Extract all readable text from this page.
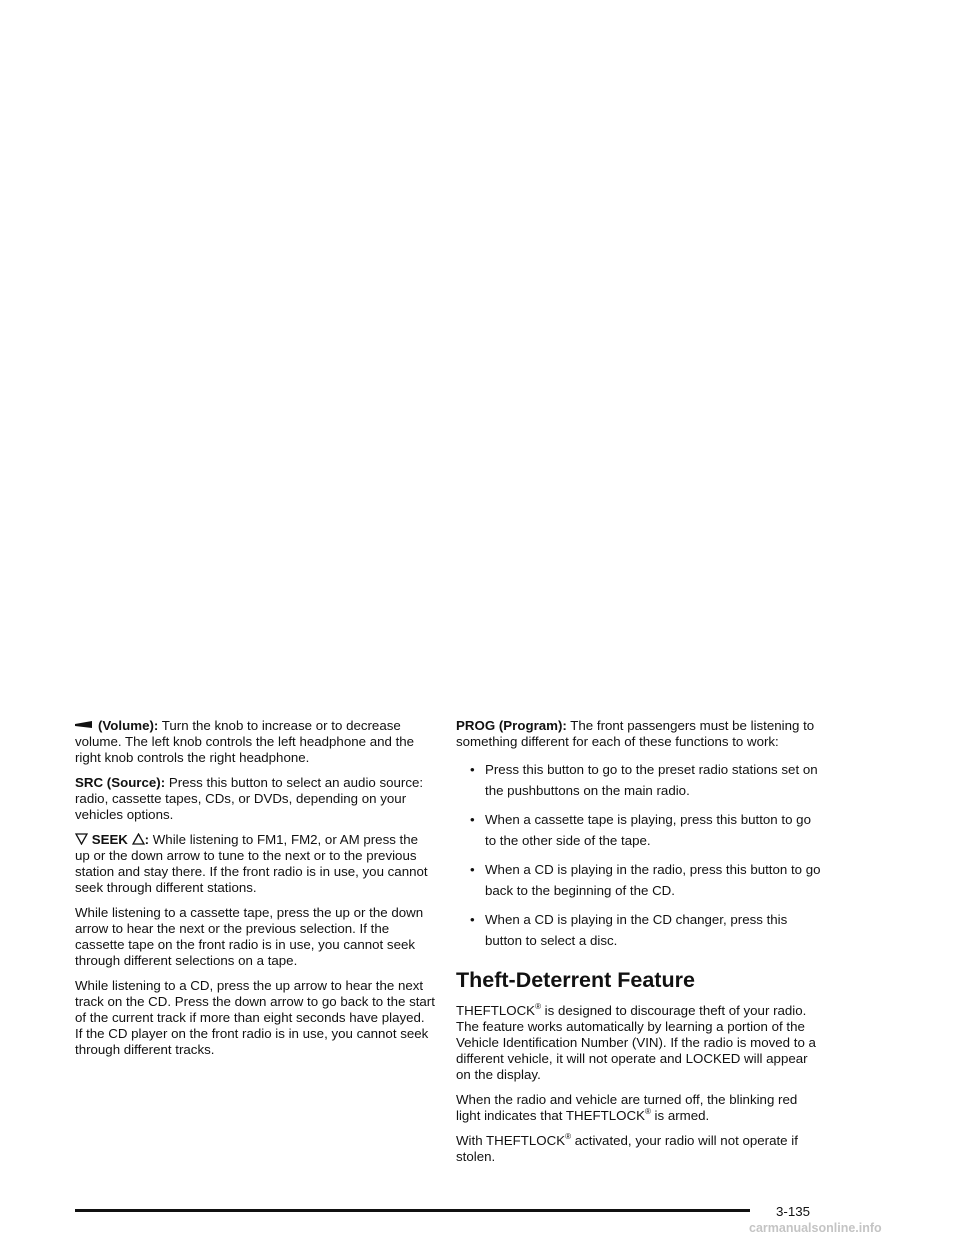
(Volume): Turn the knob to increase or to decrease volume. The left knob controls the left headphone and the right knob controls the right headphone.

SRC (Source): Press this button to select an audio source: radio, cassette tapes, CDs, or DVDs, depending on your vehicles options.

SEEK : While listening to FM1, FM2, or AM press the up or the down arrow to tune to the next or to the previous station and stay there. If the front radio is in use, you cannot seek through different stations.

While listening to a cassette tape, press the up or the down arrow to hear the next or the previous selection. If the cassette tape on the front radio is in use, you cannot seek through different selections on a tape.

While listening to a CD, press the up arrow to hear the next track on the CD. Press the down arrow to go back to the start of the current track if more than eight seconds have played. If the CD player on the front radio is in use, you cannot seek through different tracks.

PROG (Program): The front passengers must be listening to something different for each of these functions to work:

• Press this button to go to the preset radio stations set on the pushbuttons on the main radio.
• When a cassette tape is playing, press this button to go to the other side of the tape.
• When a CD is playing in the radio, press this button to go back to the beginning of the CD.
• When a CD is playing in the CD changer, press this button to select a disc.
Theft-Deterrent Feature

THEFTLOCK® is designed to discourage theft of your radio. The feature works automatically by learning a portion of the Vehicle Identification Number (VIN). If the radio is moved to a different vehicle, it will not operate and LOCKED will appear on the display.

When the radio and vehicle are turned off, the blinking red light indicates that THEFTLOCK® is armed.

With THEFTLOCK® activated, your radio will not operate if stolen.

3-135
carmanualsonline.info
